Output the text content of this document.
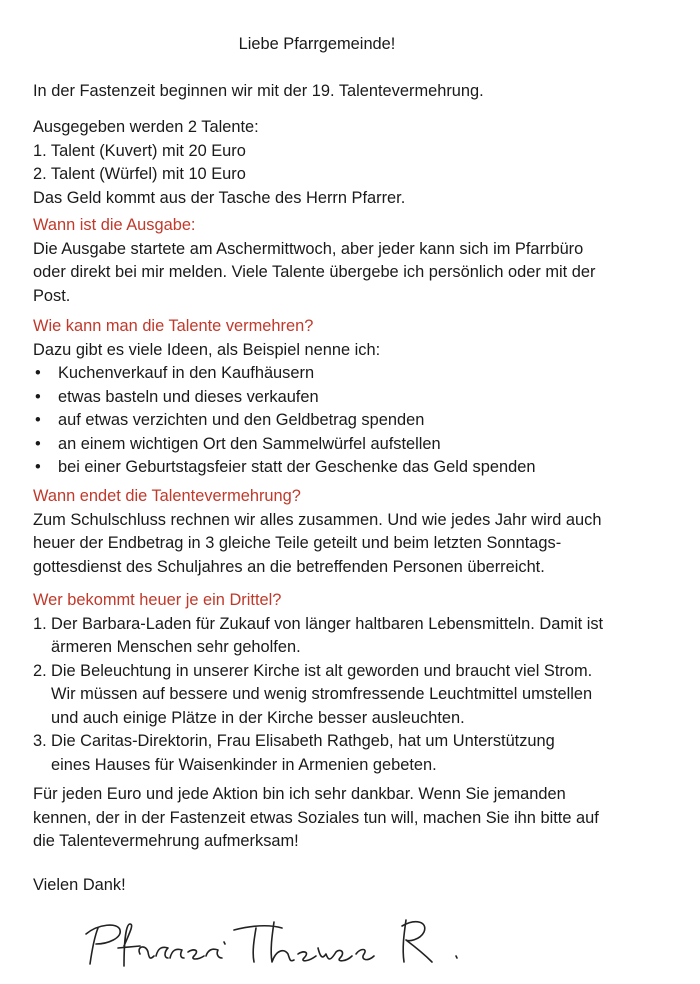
Liebe Pfarrgemeinde!

In der Fastenzeit beginnen wir mit der 19. Talentevermehrung.

Ausgegeben werden 2 Talente:

1. Talent (Kuvert) mit 20 Euro

2. Talent (Würfel) mit 10 Euro

Das Geld kommt aus der Tasche des Herrn Pfarrer.

Wann ist die Ausgabe:

Die Ausgabe startete am Aschermittwoch, aber jeder kann sich im Pfarrbüro

oder direkt bei mir melden. Viele Talente übergebe ich persönlich oder mit der

Post.

Wie kann man die Talente vermehren?

Dazu gibt es viele Ideen, als Beispiel nenne ich:

• Kuchenverkauf in den Kaufhäusern
• etwas basteln und dieses verkaufen
• auf etwas verzichten und den Geldbetrag spenden
• an einem wichtigen Ort den Sammelwürfel aufstellen
• bei einer Geburtstagsfeier statt der Geschenke das Geld spenden

Wann endet die Talentevermehrung?

Zum Schulschluss rechnen wir alles zusammen. Und wie jedes Jahr wird auch

heuer der Endbetrag in 3 gleiche Teile geteilt und beim letzten Sonntags-

gottesdienst des Schuljahres an die betreffenden Personen überreicht.

Wer bekommt heuer je ein Drittel?

1. Der Barbara-Laden für Zukauf von länger haltbaren Lebensmitteln. Damit ist

ärmeren Menschen sehr geholfen.

2. Die Beleuchtung in unserer Kirche ist alt geworden und braucht viel Strom.

Wir müssen auf bessere und wenig stromfressende Leuchtmittel umstellen

und auch einige Plätze in der Kirche besser ausleuchten.

3. Die Caritas-Direktorin, Frau Elisabeth Rathgeb, hat um Unterstützung

eines Hauses für Waisenkinder in Armenien gebeten.

Für jeden Euro und jede Aktion bin ich sehr dankbar. Wenn Sie jemanden

kennen, der in der Fastenzeit etwas Soziales tun will, machen Sie ihn bitte auf

die Talentevermehrung aufmerksam!

Vielen Dank!
